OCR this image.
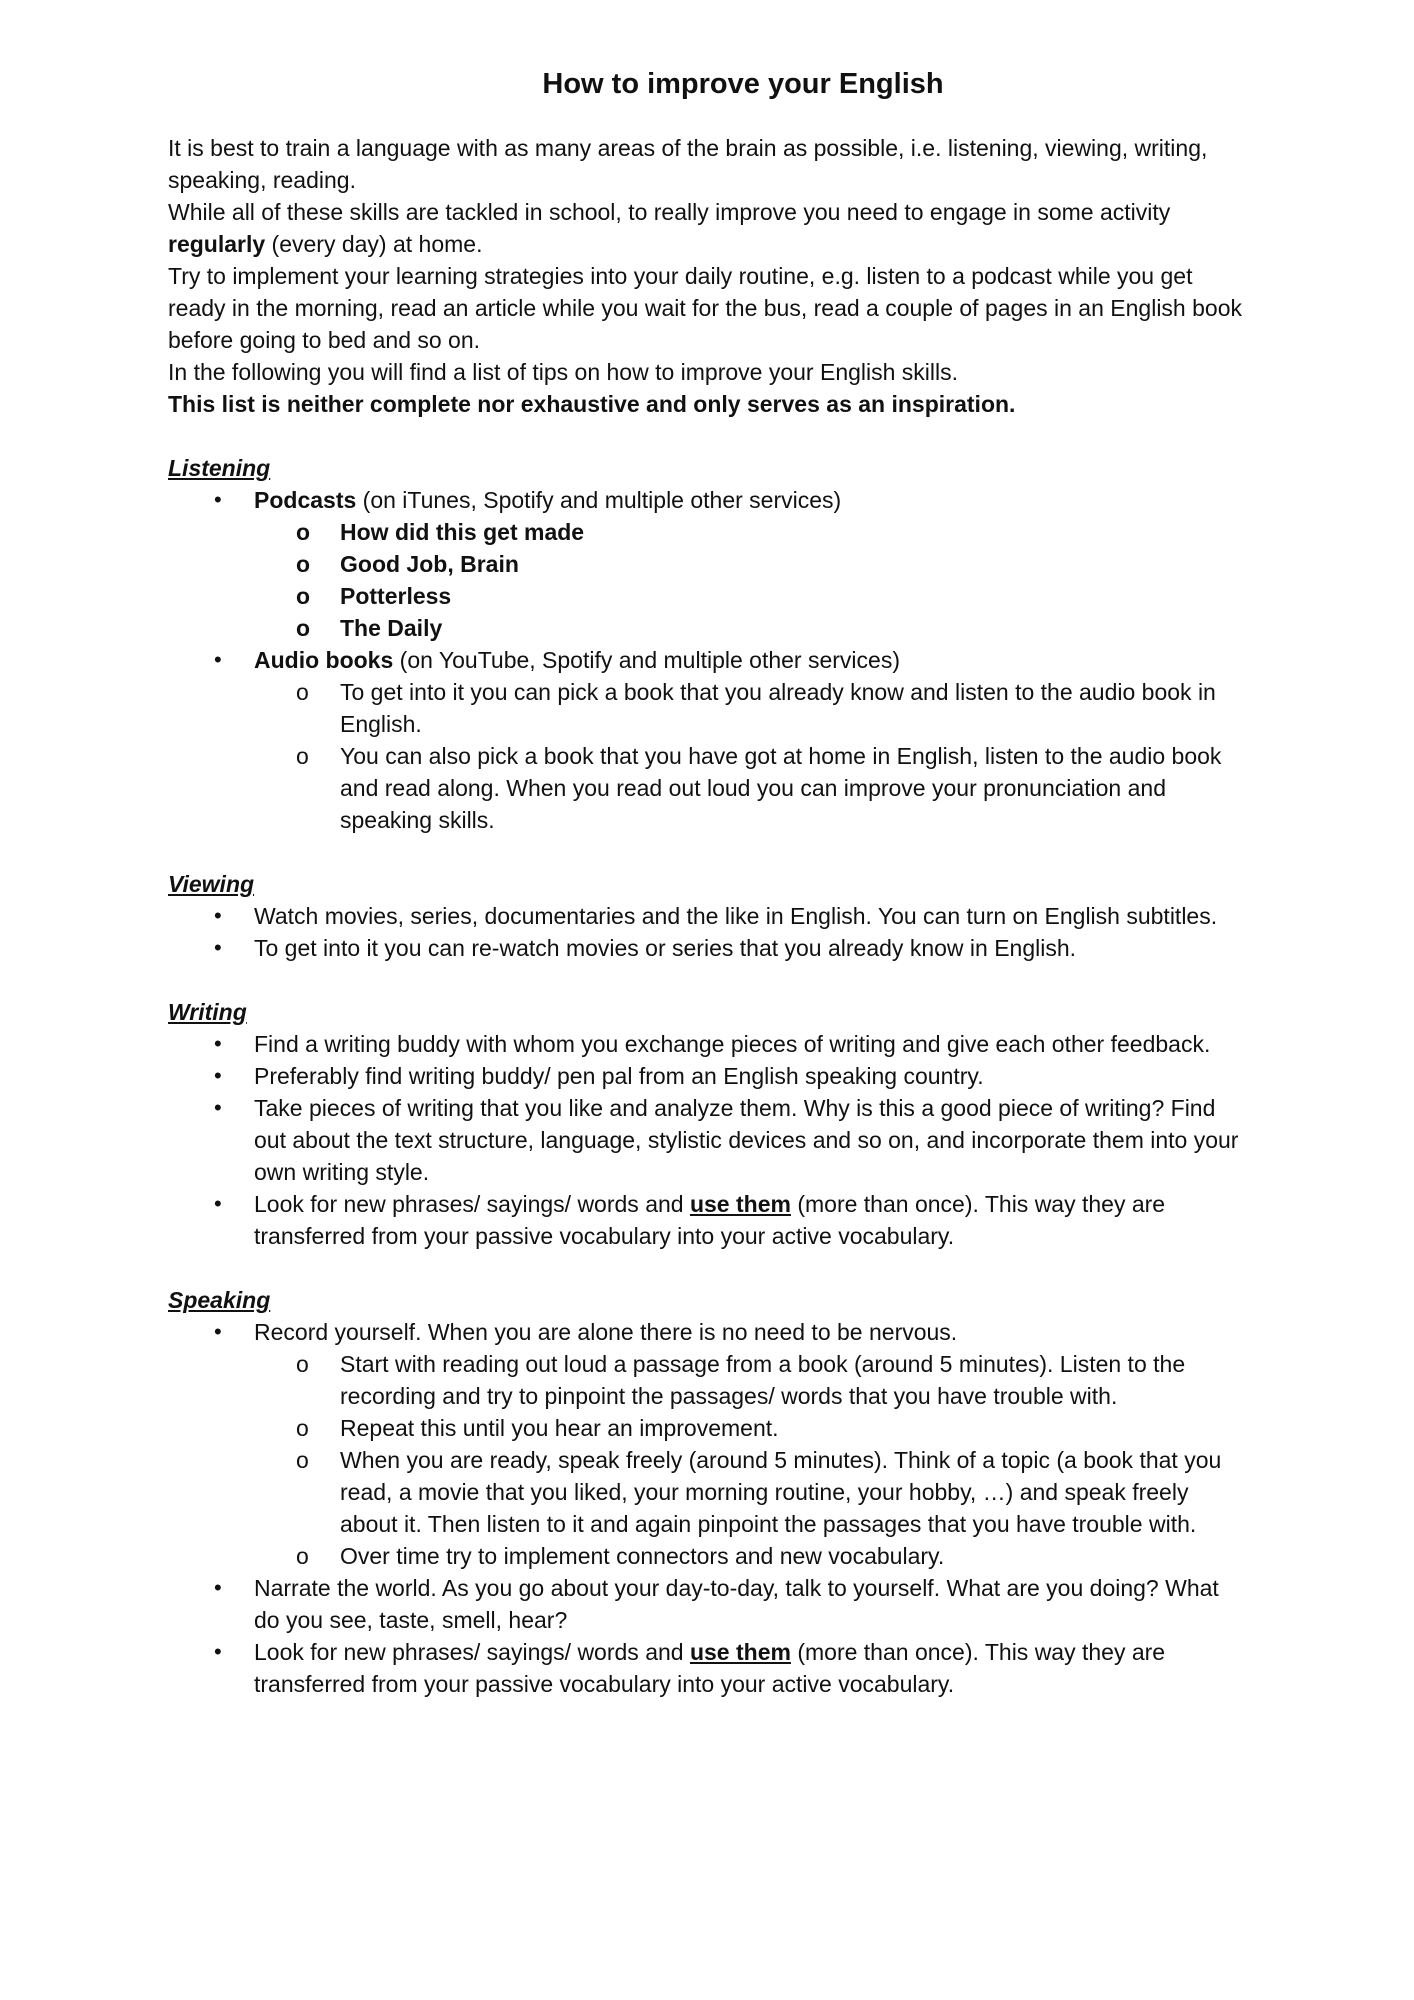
How to improve your English

It is best to train a language with as many areas of the brain as possible, i.e. listening, viewing, writing, speaking, reading.

While all of these skills are tackled in school, to really improve you need to engage in some activity regularly (every day) at home.

Try to implement your learning strategies into your daily routine, e.g. listen to a podcast while you get ready in the morning, read an article while you wait for the bus, read a couple of pages in an English book before going to bed and so on.

In the following you will find a list of tips on how to improve your English skills.

This list is neither complete nor exhaustive and only serves as an inspiration.

Listening
• Podcasts (on iTunes, Spotify and multiple other services)
o How did this get made
o Good Job, Brain
o Potterless
o The Daily
• Audio books (on YouTube, Spotify and multiple other services)
o To get into it you can pick a book that you already know and listen to the audio book in English.
o You can also pick a book that you have got at home in English, listen to the audio book and read along. When you read out loud you can improve your pronunciation and speaking skills.
Viewing
• Watch movies, series, documentaries and the like in English. You can turn on English subtitles.
• To get into it you can re-watch movies or series that you already know in English.
Writing
• Find a writing buddy with whom you exchange pieces of writing and give each other feedback.
• Preferably find writing buddy/ pen pal from an English speaking country.
• Take pieces of writing that you like and analyze them. Why is this a good piece of writing? Find out about the text structure, language, stylistic devices and so on, and incorporate them into your own writing style.
• Look for new phrases/ sayings/ words and use them (more than once). This way they are transferred from your passive vocabulary into your active vocabulary.
Speaking
• Record yourself. When you are alone there is no need to be nervous.
o Start with reading out loud a passage from a book (around 5 minutes). Listen to the recording and try to pinpoint the passages/ words that you have trouble with.
o Repeat this until you hear an improvement.
o When you are ready, speak freely (around 5 minutes). Think of a topic (a book that you read, a movie that you liked, your morning routine, your hobby, …) and speak freely about it. Then listen to it and again pinpoint the passages that you have trouble with.
o Over time try to implement connectors and new vocabulary.
• Narrate the world. As you go about your day-to-day, talk to yourself. What are you doing? What do you see, taste, smell, hear?
• Look for new phrases/ sayings/ words and use them (more than once). This way they are transferred from your passive vocabulary into your active vocabulary.
